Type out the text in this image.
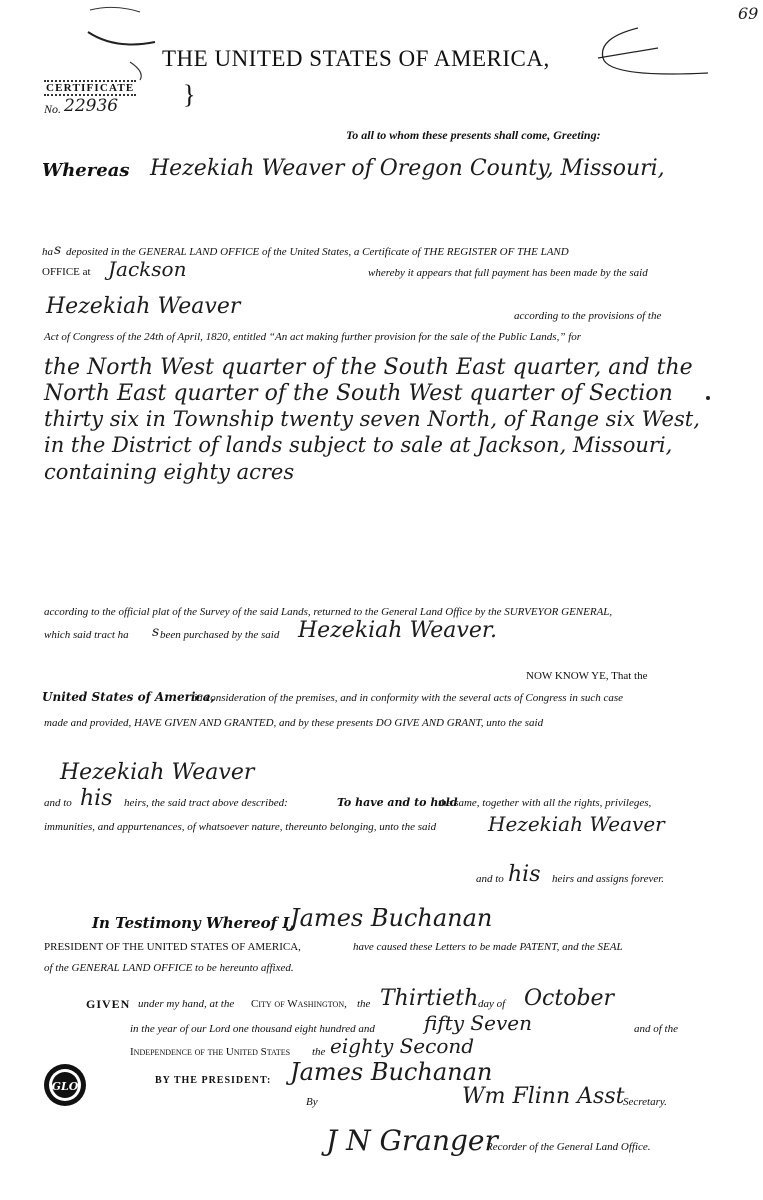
69
THE UNITED STATES OF AMERICA,
CERTIFICATE
No. 22936 }
To all to whom these presents shall come, Greeting:
Whereas Hezekiah Weaver of Oregon County, Missouri,
ha s deposited in the GENERAL LAND OFFICE of the United States, a Certificate of THE REGISTER OF THE LAND
OFFICE at Jackson	whereby it appears that full payment has been made by the said
Hezekiah Weaver	according to the provisions of the
Act of Congress of the 24th of April, 1820, entitled “An act making further provision for the sale of the Public Lands,” for
the North West quarter of the South East quarter, and the
North East quarter of the South West quarter of Section
thirty six in Township twenty seven North, of Range six West,
in the District of lands subject to sale at Jackson, Missouri,
containing eighty acres
according to the official plat of the Survey of the said Lands, returned to the General Land Office by the SURVEYOR GENERAL,
which said tract ha s been purchased by the said Hezekiah Weaver.
NOW KNOW YE, That the
United States of America,
in consideration of the premises, and in conformity with the several acts of Congress in such case
made and provided, HAVE GIVEN AND GRANTED, and by these presents DO GIVE AND GRANT, unto the said
Hezekiah Weaver
and to his heirs, the said tract above described:	To have and to hold
the same, together with all the rights, privileges,
immunities, and appurtenances, of whatsoever nature, thereunto belonging, unto the said	Hezekiah Weaver
and to his heirs and assigns forever.
In Testimony Whereof I,
James Buchanan
PRESIDENT OF THE UNITED STATES OF AMERICA,	have caused these Letters to be made PATENT, and the SEAL
of the GENERAL LAND OFFICE to be hereunto affixed.
GIVEN under my hand, at the City of Washington, the Thirtieth day of October
in the year of our Lord one thousand eight hundred and fifty Seven	and of the
Independence of the United States the eighty Second
GLO	BY THE PRESIDENT: James Buchanan
By	Wm Flinn Asst
Secretary.
J N Granger
Recorder of the General Land Office.
